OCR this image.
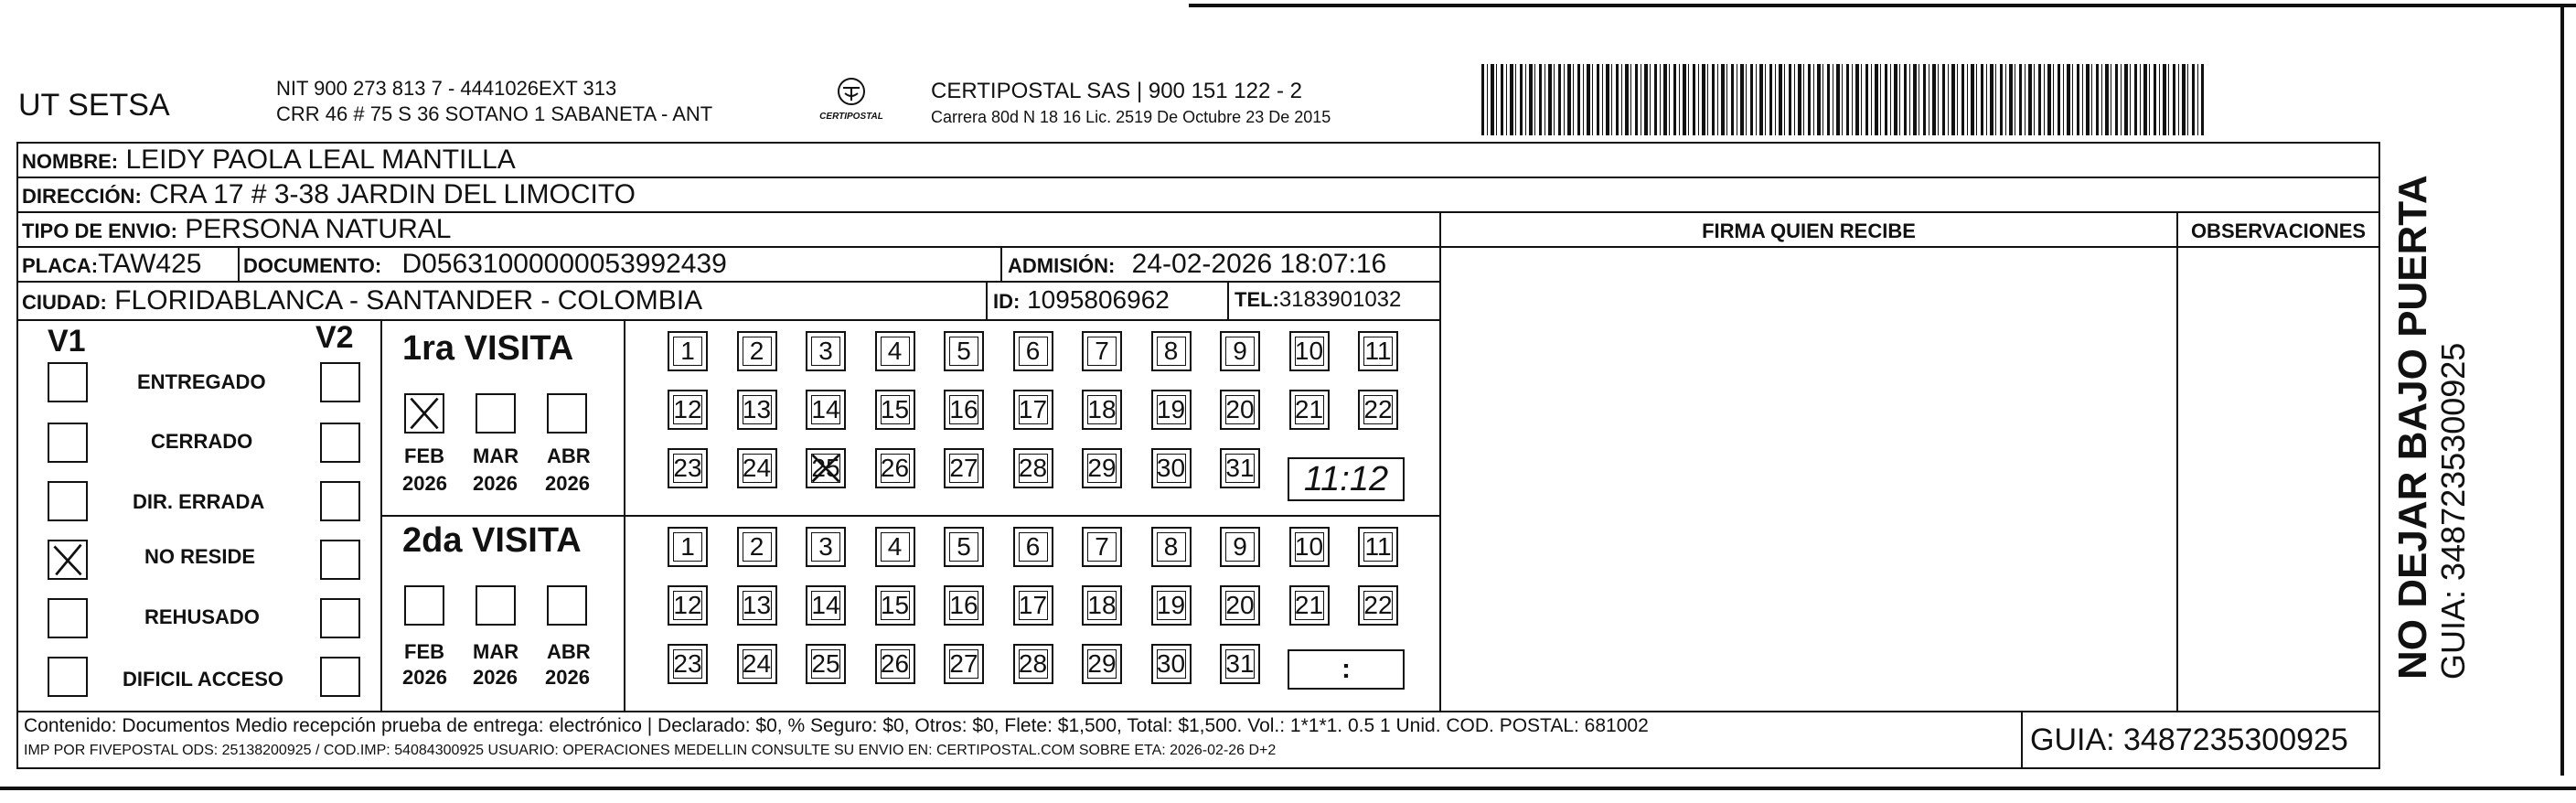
UT SETSA	NIT 900 273 813 7 - 4441026EXT 313
CRR 46 # 75 S 36 SOTANO 1 SABANETA - ANT	CERTIPOSTAL
CERTIPOSTAL SAS | 900 151 122 - 2
Carrera 80d N 18 16 Lic. 2519 De Octubre 23 De 2015
NOMBRE: LEIDY PAOLA LEAL MANTILLA
DIRECCIÓN: CRA 17 # 3-38 JARDIN DEL LIMOCITO
TIPO DE ENVIO: PERSONA NATURAL	FIRMA QUIEN RECIBE	OBSERVACIONES
PLACA:TAW425 DOCUMENTO: D05631000000053992439	ADMISIÓN: 24-02-2026 18:07:16
CIUDAD: FLORIDABLANCA - SANTANDER - COLOMBIA	ID: 1095806962	TEL:3183901032
V1	V2
ENTREGADO
CERRADO
DIR. ERRADA
NO RESIDE
REHUSADO
DIFICIL ACCESO
1ra VISITA
FEB MAR ABR
2026 2026 2026
2da VISITA
FEB MAR ABR
2026 2026 2026
1	2	3	4	5	6	7	8	9	10 11
12 13 14 15 16 17 18 19 20 21 22
23 24 25 26 27 28 29 30 31
1	2	3	4	5	6	7	8	9	10 11
12 13 14 15 16 17 18 19 20 21 22
23 24 25 26 27 28 29 30 31
11:12
:
Contenido: Documentos Medio recepción prueba de entrega: electrónico | Declarado: $0, % Seguro: $0, Otros: $0, Flete: $1,500, Total: $1,500. Vol.: 1*1*1. 0.5 1 Unid. COD. POSTAL: 681002
IMP POR FIVEPOSTAL ODS: 25138200925 / COD.IMP: 54084300925 USUARIO: OPERACIONES MEDELLIN CONSULTE SU ENVIO EN: CERTIPOSTAL.COM SOBRE ETA: 2026-02-26 D+2	GUIA: 3487235300925
NO DEJAR BAJO PUERTA GUIA: 3487235300925
